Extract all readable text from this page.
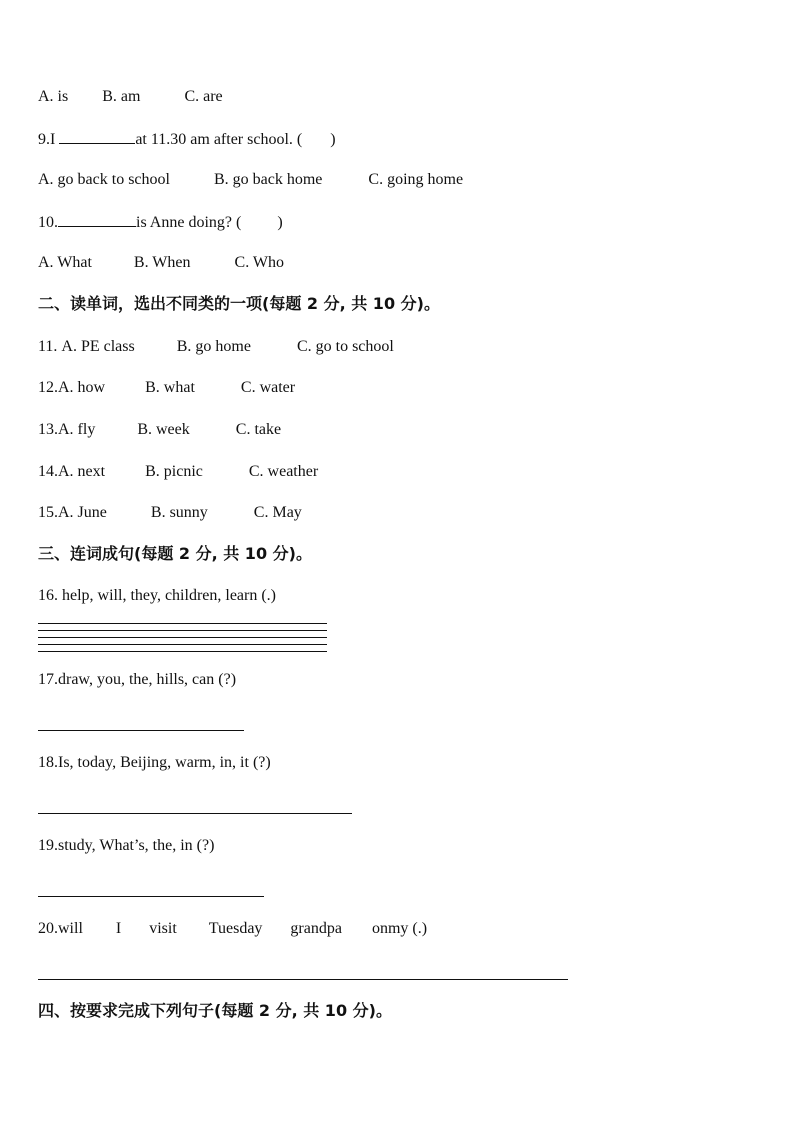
A. is B. am	C. are
9.I	at 11.30 am after school. ( )
A. go back to school	B. go back home	C. going home
10.	is Anne doing? ( )
A. What	B. When	C. Who
二、读单词，选出不同类的一项(每题 2 分, 共 10 分)。
11. A. PE class	B. go home	C. go to school
12.A. how	B. what	C. water
13.A. fly	B. week	C. take
14.A. next	B. picnic	C. weather
15.A. June	B. sunny	C. May
三、连词成句(每题 2 分, 共 10 分)。
16. help, will, they, children, learn (.)
17.draw, you, the, hills, can (?)
18.Is, today, Beijing, warm, in, it (?)
19.study, What’s, the, in (?)
20.will I visit Tuesday grandpa onmy (.)
四、按要求完成下列句子(每题 2 分, 共 10 分)。
